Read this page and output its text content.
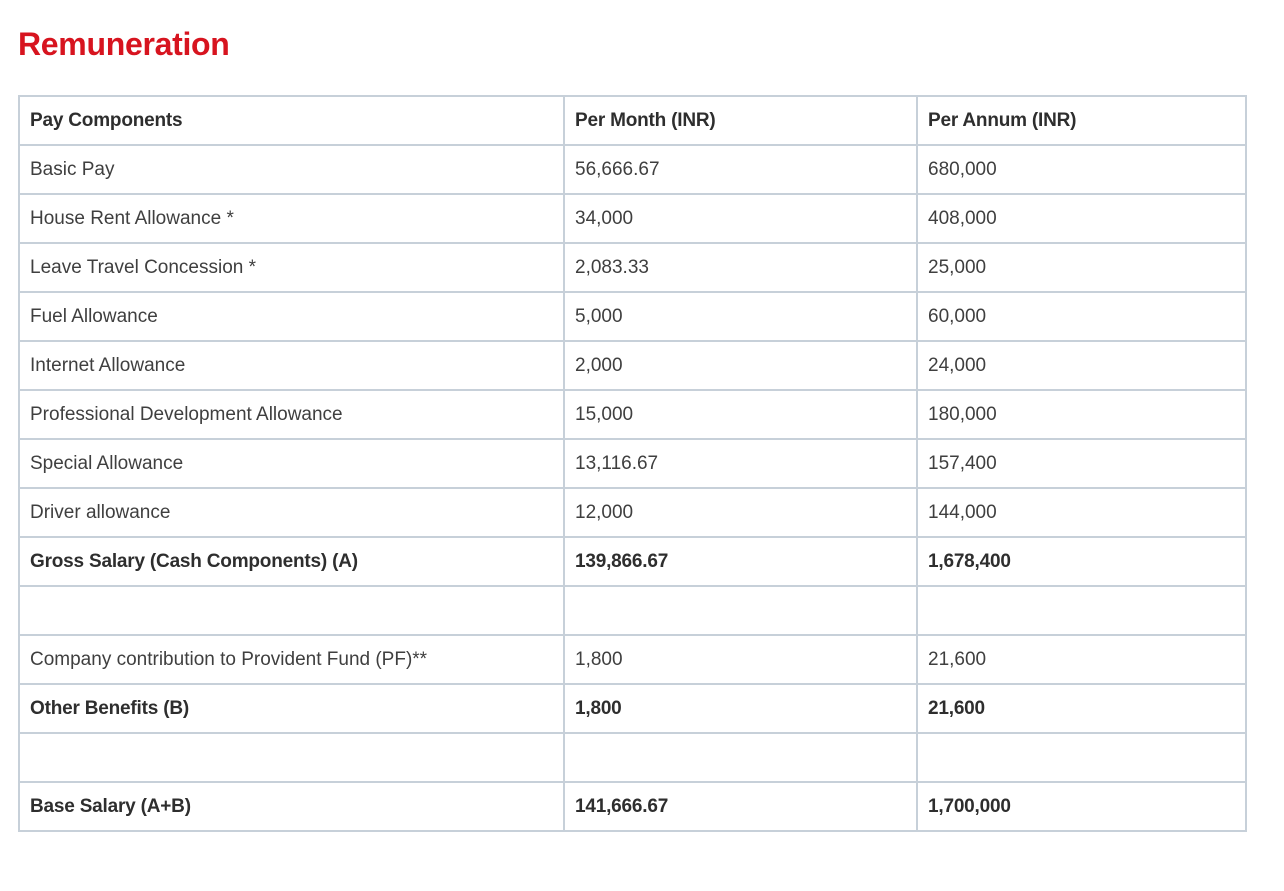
Remuneration
Pay Components	Per Month (INR)	Per Annum (INR)
Basic Pay	56,666.67	680,000
House Rent Allowance *	34,000	408,000
Leave Travel Concession *	2,083.33	25,000
Fuel Allowance	5,000	60,000
Internet Allowance	2,000	24,000
Professional Development Allowance	15,000	180,000
Special Allowance	13,116.67	157,400
Driver allowance	12,000	144,000
Gross Salary (Cash Components) (A)	139,866.67	1,678,400

Company contribution to Provident Fund (PF)**	1,800	21,600
Other Benefits (B)	1,800	21,600

Base Salary (A+B)	141,666.67	1,700,000
